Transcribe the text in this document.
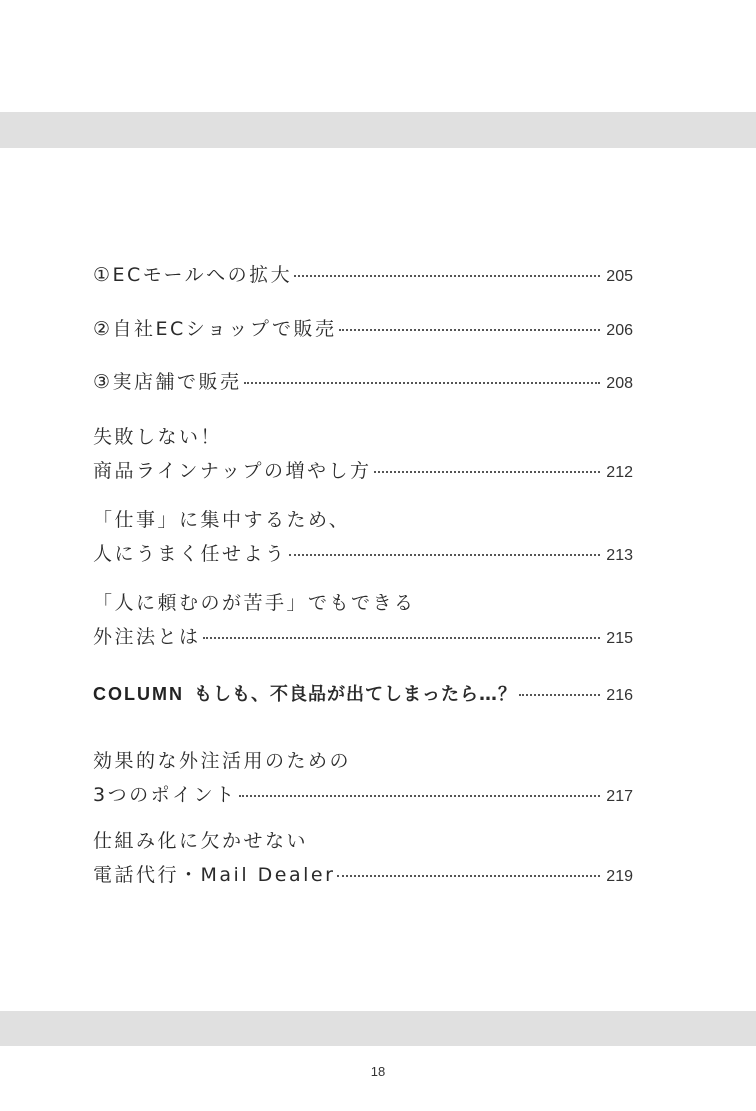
①ECモールへの拡大	205
②自社ECショップで販売	206
③実店舗で販売	208
失敗しない！
商品ラインナップの増やし方	212
「仕事」に集中するため、
人にうまく任せよう	213
「人に頼むのが苦手」でもできる
外注法とは	215
COLUMN もしも、不良品が出てしまったら…？	216
効果的な外注活用のための
3つのポイント	217
仕組み化に欠かせない
電話代行・Mail Dealer	219
18
